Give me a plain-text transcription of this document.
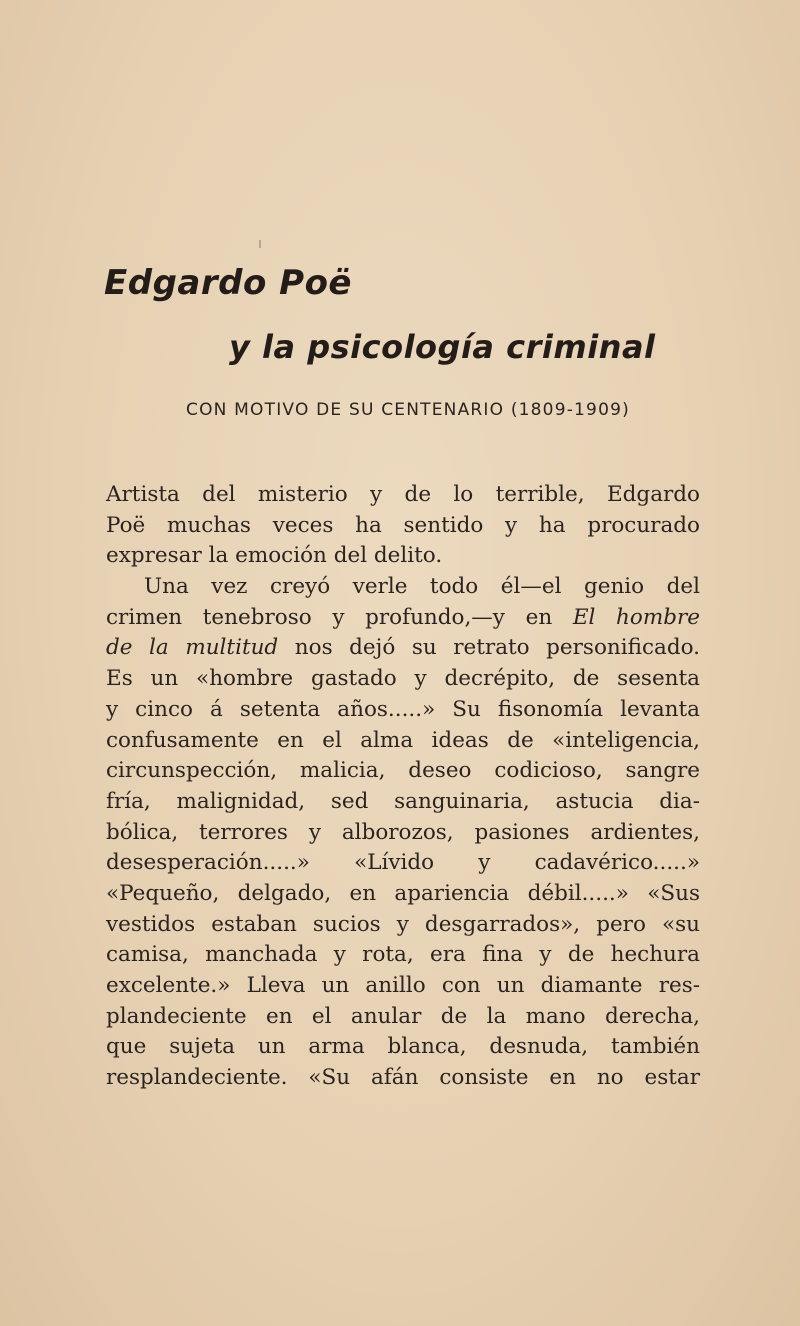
Edgardo Poë
y la psicología criminal
CON MOTIVO DE SU CENTENARIO (1809-1909)
Artista del misterio y de lo terrible, Edgardo
Poë muchas veces ha sentido y ha procurado
expresar la emoción del delito.
Una vez creyó verle todo él—el genio del
crimen tenebroso y profundo,—y en El hombre
de la multitud nos dejó su retrato personificado.
Es un «hombre gastado y decrépito, de sesenta
y cinco á setenta años.....» Su fisonomía levanta
confusamente en el alma ideas de «inteligencia,
circunspección, malicia, deseo codicioso, sangre
fría, malignidad, sed sanguinaria, astucia dia-
bólica, terrores y alborozos, pasiones ardientes,
desesperación.....» «Lívido y cadavérico.....»
«Pequeño, delgado, en apariencia débil.....» «Sus
vestidos estaban sucios y desgarrados», pero «su
camisa, manchada y rota, era fina y de hechura
excelente.» Lleva un anillo con un diamante res-
plandeciente en el anular de la mano derecha,
que sujeta un arma blanca, desnuda, también
resplandeciente. «Su afán consiste en no estar
